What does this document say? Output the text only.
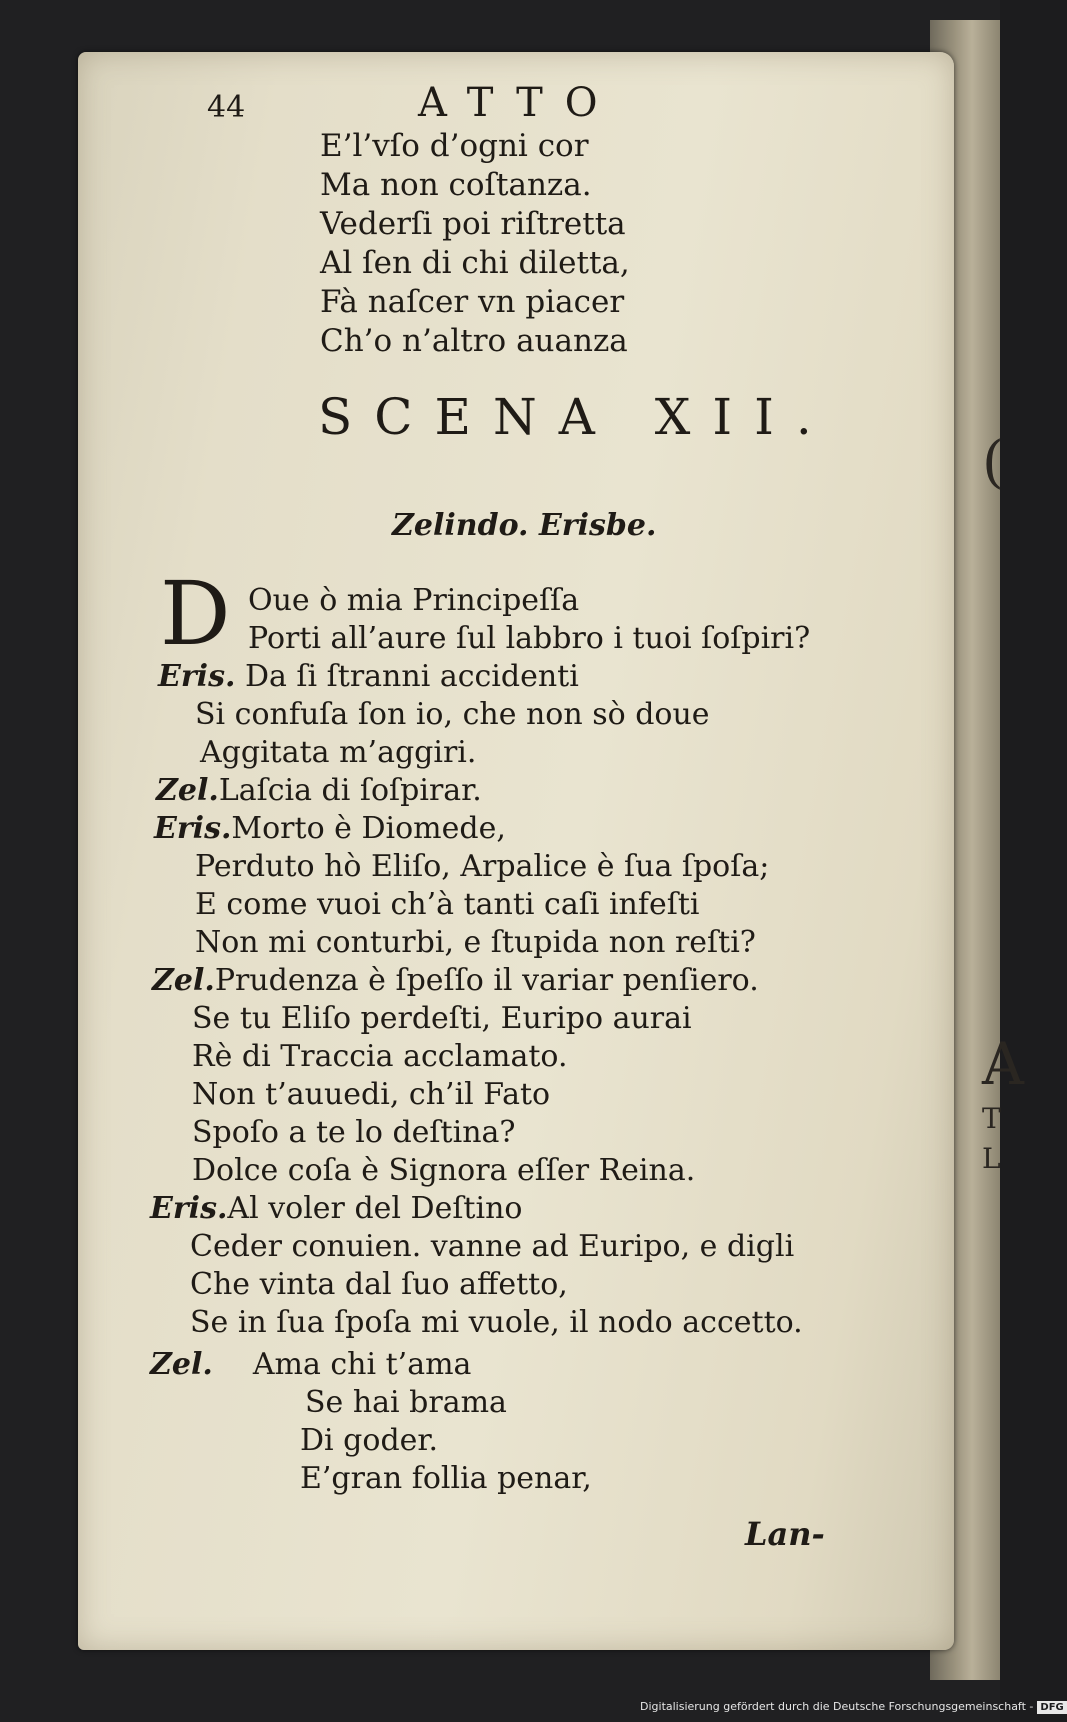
(
A
T
L
44	ATTO
E’l’vſo d’ogni cor
Ma non coſtanza.
Vederſi poi riſtretta
Al ſen di chi diletta,
Fà naſcer vn piacer
Ch’o n’altro auanza
SCENA XII.
Zelindo. Erisbe.
D Oue ò mia Principeſſa
Porti all’aure ſul labbro i tuoi ſoſpiri?
Eris. Da ſi ſtranni accidenti
Si confuſa ſon io, che non sò doue
Aggitata m’aggiri.
Zel.Laſcia di ſoſpirar.
Eris.Morto è Diomede,
Perduto hò Eliſo, Arpalice è ſua ſpoſa;
E come vuoi ch’à tanti caſi infeſti
Non mi conturbi, e ſtupida non reſti?
Zel.Prudenza è ſpeſſo il variar penſiero.
Se tu Eliſo perdeſti, Euripo aurai
Rè di Traccia acclamato.
Non t’auuedi, ch’il Fato
Spoſo a te lo deſtina?
Dolce coſa è Signora eſſer Reina.
Eris.Al voler del Deſtino
Ceder conuien. vanne ad Euripo, e digli
Che vinta dal ſuo affetto,
Se in ſua ſpoſa mi vuole, il nodo accetto.
Zel. Ama chi t’ama
Se hai brama
Di goder.
E’gran follia penar,
Lan-
Digitalisierung gefördert durch die Deutsche Forschungsgemeinschaft - DFG
